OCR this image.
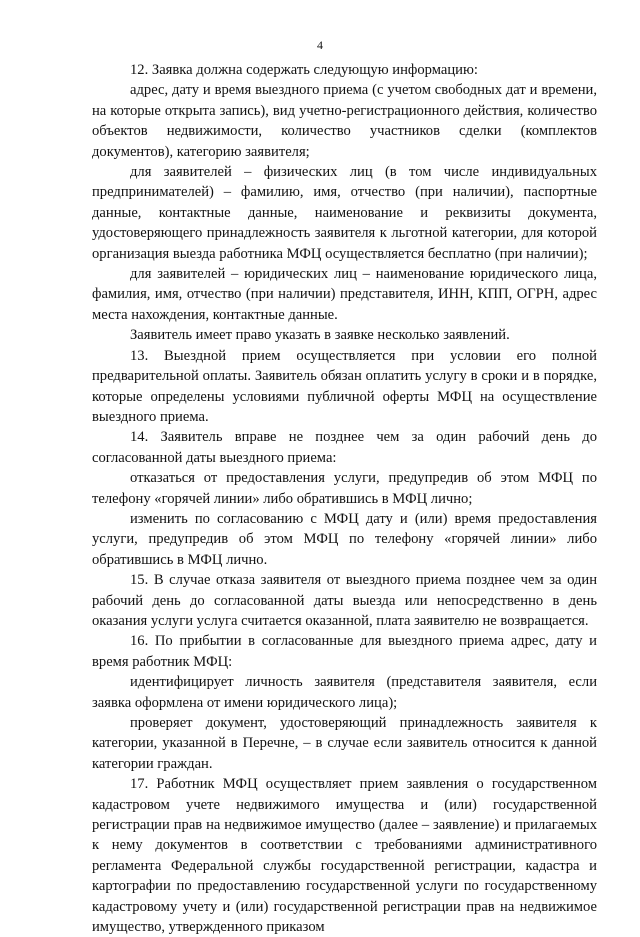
4

12. Заявка должна содержать следующую информацию:

адрес, дату и время выездного приема (с учетом свободных дат и времени, на которые открыта запись), вид учетно-регистрационного действия, количество объектов недвижимости, количество участников сделки (комплектов документов), категорию заявителя;

для заявителей – физических лиц (в том числе индивидуальных предпринимателей) – фамилию, имя, отчество (при наличии), паспортные данные, контактные данные, наименование и реквизиты документа, удостоверяющего принадлежность заявителя к льготной категории, для которой организация выезда работника МФЦ осуществляется бесплатно (при наличии);

для заявителей – юридических лиц – наименование юридического лица, фамилия, имя, отчество (при наличии) представителя, ИНН, КПП, ОГРН, адрес места нахождения, контактные данные.

Заявитель имеет право указать в заявке несколько заявлений.

13. Выездной прием осуществляется при условии его полной предварительной оплаты. Заявитель обязан оплатить услугу в сроки и в порядке, которые определены условиями публичной оферты МФЦ на осуществление выездного приема.

14. Заявитель вправе не позднее чем за один рабочий день до согласованной даты выездного приема:

отказаться от предоставления услуги, предупредив об этом МФЦ по телефону «горячей линии» либо обратившись в МФЦ лично;

изменить по согласованию с МФЦ дату и (или) время предоставления услуги, предупредив об этом МФЦ по телефону «горячей линии» либо обратившись в МФЦ лично.

15. В случае отказа заявителя от выездного приема позднее чем за один рабочий день до согласованной даты выезда или непосредственно в день оказания услуги услуга считается оказанной, плата заявителю не возвращается.

16. По прибытии в согласованные для выездного приема адрес, дату и время работник МФЦ:

идентифицирует личность заявителя (представителя заявителя, если заявка оформлена от имени юридического лица);

проверяет документ, удостоверяющий принадлежность заявителя к категории, указанной в Перечне, – в случае если заявитель относится к данной категории граждан.

17. Работник МФЦ осуществляет прием заявления о государственном кадастровом учете недвижимого имущества и (или) государственной регистрации прав на недвижимое имущество (далее – заявление) и прилагаемых к нему документов в соответствии с требованиями административного регламента Федеральной службы государственной регистрации, кадастра и картографии по предоставлению государственной услуги по государственному кадастровому учету и (или) государственной регистрации прав на недвижимое имущество, утвержденного приказом
